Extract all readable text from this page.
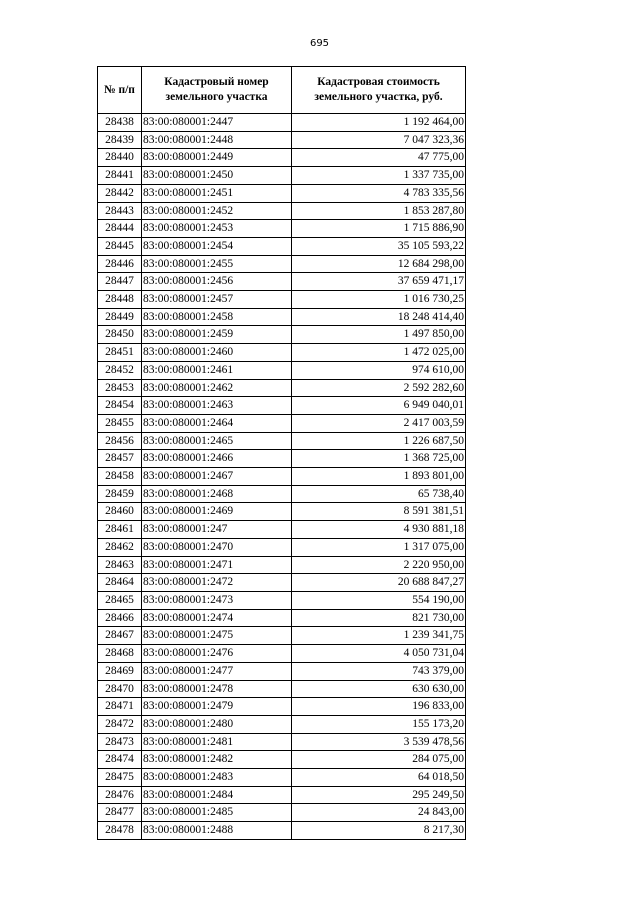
695
№ п/п	Кадастровый номер земельного участка	Кадастровая стоимость земельного участка, руб.
28438	83:00:080001:2447	1 192 464,00
28439	83:00:080001:2448	7 047 323,36
28440	83:00:080001:2449	47 775,00
28441	83:00:080001:2450	1 337 735,00
28442	83:00:080001:2451	4 783 335,56
28443	83:00:080001:2452	1 853 287,80
28444	83:00:080001:2453	1 715 886,90
28445	83:00:080001:2454	35 105 593,22
28446	83:00:080001:2455	12 684 298,00
28447	83:00:080001:2456	37 659 471,17
28448	83:00:080001:2457	1 016 730,25
28449	83:00:080001:2458	18 248 414,40
28450	83:00:080001:2459	1 497 850,00
28451	83:00:080001:2460	1 472 025,00
28452	83:00:080001:2461	974 610,00
28453	83:00:080001:2462	2 592 282,60
28454	83:00:080001:2463	6 949 040,01
28455	83:00:080001:2464	2 417 003,59
28456	83:00:080001:2465	1 226 687,50
28457	83:00:080001:2466	1 368 725,00
28458	83:00:080001:2467	1 893 801,00
28459	83:00:080001:2468	65 738,40
28460	83:00:080001:2469	8 591 381,51
28461	83:00:080001:247	4 930 881,18
28462	83:00:080001:2470	1 317 075,00
28463	83:00:080001:2471	2 220 950,00
28464	83:00:080001:2472	20 688 847,27
28465	83:00:080001:2473	554 190,00
28466	83:00:080001:2474	821 730,00
28467	83:00:080001:2475	1 239 341,75
28468	83:00:080001:2476	4 050 731,04
28469	83:00:080001:2477	743 379,00
28470	83:00:080001:2478	630 630,00
28471	83:00:080001:2479	196 833,00
28472	83:00:080001:2480	155 173,20
28473	83:00:080001:2481	3 539 478,56
28474	83:00:080001:2482	284 075,00
28475	83:00:080001:2483	64 018,50
28476	83:00:080001:2484	295 249,50
28477	83:00:080001:2485	24 843,00
28478	83:00:080001:2488	8 217,30
